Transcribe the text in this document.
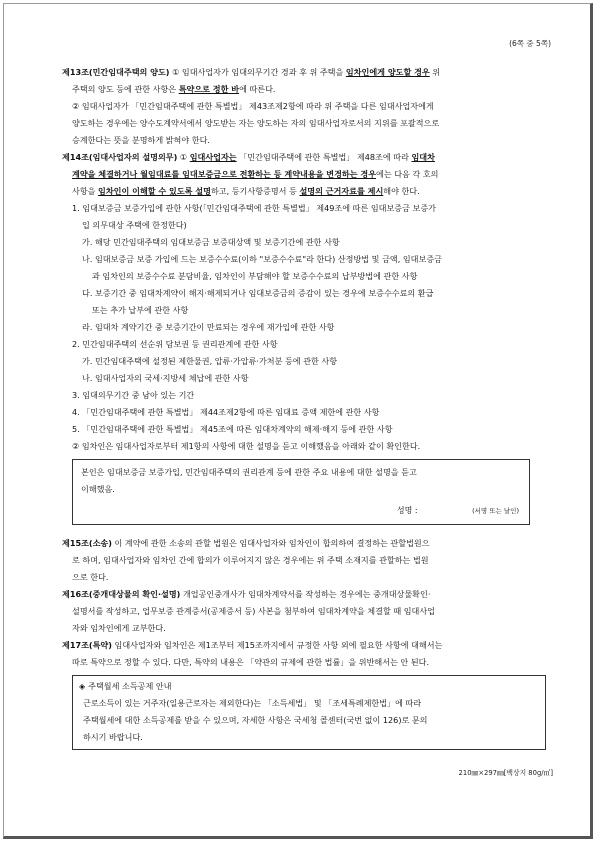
(6쪽 중 5쪽)

제13조(민간임대주택의 양도) ① 임대사업자가 임대의무기간 경과 후 위 주택을 임차인에게 양도할 경우 위

주택의 양도 등에 관한 사항은 특약으로 정한 바에 따른다.

② 임대사업자가 「민간임대주택에 관한 특별법」 제43조제2항에 따라 위 주택을 다른 임대사업자에게

양도하는 경우에는 양수도계약서에서 양도받는 자는 양도하는 자의 임대사업자로서의 지위를 포괄적으로

승계한다는 뜻을 분명하게 밝혀야 한다.

제14조(임대사업자의 설명의무) ① 임대사업자는 「민간임대주택에 관한 특별법」 제48조에 따라 임대차

계약을 체결하거나 월임대료를 임대보증금으로 전환하는 등 계약내용을 변경하는 경우에는 다음 각 호의

사항을 임차인이 이해할 수 있도록 설명하고, 등기사항증명서 등 설명의 근거자료를 제시해야 한다.

1. 임대보증금 보증가입에 관한 사항(「민간임대주택에 관한 특별법」 제49조에 따른 임대보증금 보증가

입 의무대상 주택에 한정한다)

가. 해당 민간임대주택의 임대보증금 보증대상액 및 보증기간에 관한 사항

나. 임대보증금 보증 가입에 드는 보증수수료(이하 "보증수수료"라 한다) 산정방법 및 금액, 임대보증금

과 임차인의 보증수수료 분담비율, 임차인이 부담해야 할 보증수수료의 납부방법에 관한 사항

다. 보증기간 중 임대차계약이 해지·해제되거나 임대보증금의 증감이 있는 경우에 보증수수료의 환급

또는 추가 납부에 관한 사항

라. 임대차 계약기간 중 보증기간이 만료되는 경우에 재가입에 관한 사항

2. 민간임대주택의 선순위 담보권 등 권리관계에 관한 사항

가. 민간임대주택에 설정된 제한물권, 압류·가압류·가처분 등에 관한 사항

나. 임대사업자의 국세·지방세 체납에 관한 사항

3. 임대의무기간 중 남아 있는 기간

4. 「민간임대주택에 관한 특별법」 제44조제2항에 따른 임대료 증액 제한에 관한 사항

5. 「민간임대주택에 관한 특별법」 제45조에 따른 임대차계약의 해제·해지 등에 관한 사항

② 임차인은 임대사업자로부터 제1항의 사항에 대한 설명을 듣고 이해했음을 아래와 같이 확인한다.

본인은 임대보증금 보증가입, 민간임대주택의 권리관계 등에 관한 주요 내용에 대한 설명을 듣고

이해했음.

성명 :	(서명 또는 날인)

제15조(소송) 이 계약에 관한 소송의 관할 법원은 임대사업자와 임차인이 합의하여 결정하는 관할법원으

로 하며, 임대사업자와 임차인 간에 합의가 이루어지지 않은 경우에는 위 주택 소재지를 관할하는 법원

으로 한다.

제16조(중개대상물의 확인·설명) 개업공인중개사가 임대차계약서를 작성하는 경우에는 중개대상물확인·

설명서를 작성하고, 업무보증 관계증서(공제증서 등) 사본을 첨부하여 임대차계약을 체결할 때 임대사업

자와 임차인에게 교부한다.

제17조(특약) 임대사업자와 임차인은 제1조부터 제15조까지에서 규정한 사항 외에 필요한 사항에 대해서는

따로 특약으로 정할 수 있다. 다만, 특약의 내용은 「약관의 규제에 관한 법률」을 위반해서는 안 된다.

◈ 주택월세 소득공제 안내

근로소득이 있는 거주자(일용근로자는 제외한다)는 「소득세법」 및 「조세특례제한법」에 따라

주택월세에 대한 소득공제를 받을 수 있으며, 자세한 사항은 국세청 콜센터(국번 없이 126)로 문의

하시기 바랍니다.

210㎜×297㎜[백상지 80g/㎡]
